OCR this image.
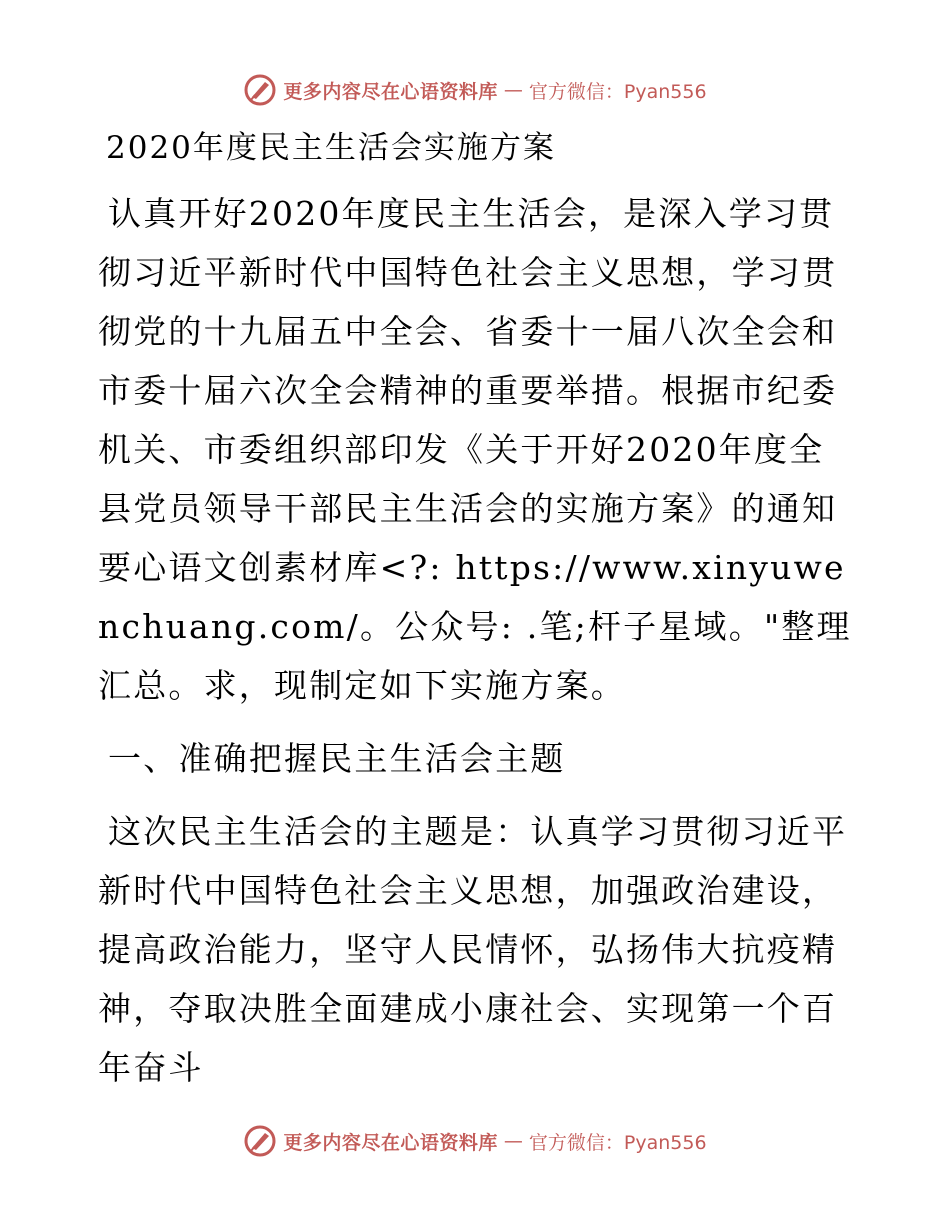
更多内容尽在心语资料库 — 官方微信：Pyan556
2020年度民主生活会实施方案

认真开好2020年度民主生活会，是深入学习贯彻习近平新时代中国特色社会主义思想，学习贯彻党的十九届五中全会、省委十一届八次全会和市委十届六次全会精神的重要举措。根据市纪委机关、市委组织部印发《关于开好2020年度全县党员领导干部民主生活会的实施方案》的通知要心语文创素材库<?: https://www.xinyuwenchuang.com/。公众号: .笔;杆子星域。"整理汇总。求，现制定如下实施方案。

一、准确把握民主生活会主题

这次民主生活会的主题是：认真学习贯彻习近平新时代中国特色社会主义思想，加强政治建设，提高政治能力，坚守人民情怀，弘扬伟大抗疫精神，夺取决胜全面建成小康社会、实现第一个百年奋斗

更多内容尽在心语资料库 — 官方微信：Pyan556
